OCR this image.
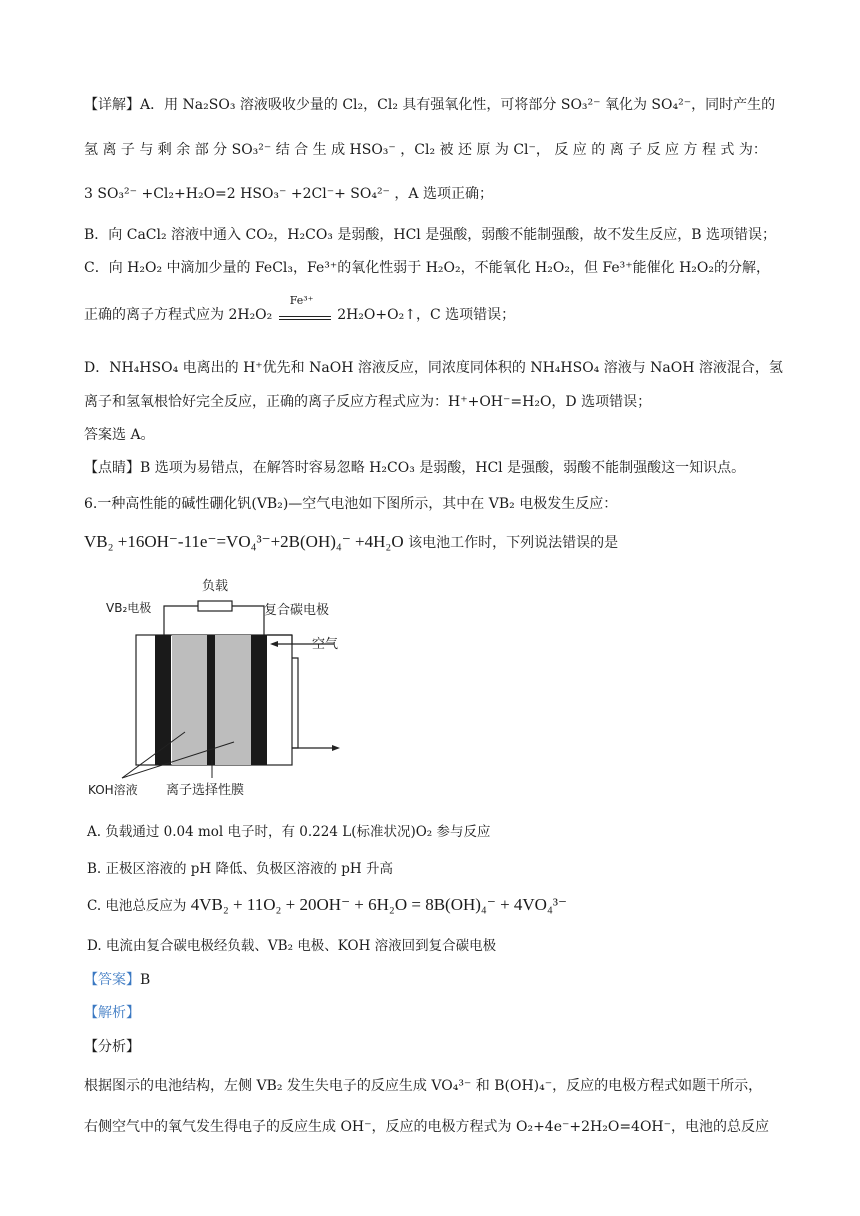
【详解】A．用 Na₂SO₃ 溶液吸收少量的 Cl₂，Cl₂ 具有强氧化性，可将部分 SO₃²⁻ 氧化为 SO₄²⁻，同时产生的
氢 离 子 与 剩 余 部 分 SO₃²⁻ 结 合 生 成 HSO₃⁻ ，Cl₂ 被 还 原 为 Cl⁻， 反 应 的 离 子 反 应 方 程 式 为：
3 SO₃²⁻ +Cl₂+H₂O=2 HSO₃⁻ +2Cl⁻+ SO₄²⁻ ，A 选项正确；
B．向 CaCl₂ 溶液中通入 CO₂，H₂CO₃ 是弱酸，HCl 是强酸，弱酸不能制强酸，故不发生反应，B 选项错误；
C．向 H₂O₂ 中滴加少量的 FeCl₃，Fe³⁺的氧化性弱于 H₂O₂，不能氧化 H₂O₂，但 Fe³⁺能催化 H₂O₂的分解，
正确的离子方程式应为 2H₂O₂
Fe³⁺
2H₂O+O₂↑，C 选项错误；
D．NH₄HSO₄ 电离出的 H⁺优先和 NaOH 溶液反应，同浓度同体积的 NH₄HSO₄ 溶液与 NaOH 溶液混合，氢
离子和氢氧根恰好完全反应，正确的离子反应方程式应为：H⁺+OH⁻=H₂O，D 选项错误；
答案选 A。
【点睛】B 选项为易错点，在解答时容易忽略 H₂CO₃ 是弱酸，HCl 是强酸，弱酸不能制强酸这一知识点。
6.一种高性能的碱性硼化钒(VB₂)—空气电池如下图所示，其中在 VB₂ 电极发生反应：
VB₂ +16OH⁻-11e⁻=VO₄³⁻+2B(OH)₄⁻ +4H₂O 该电池工作时，下列说法错误的是
负载
VB₂电极	复合碳电极
空气
KOH溶液 离子选择性膜
A. 负载通过 0.04 mol 电子时，有 0.224 L(标准状况)O₂ 参与反应
B. 正极区溶液的 pH 降低、负极区溶液的 pH 升高
C. 电池总反应为 4VB₂ + 11O₂ + 20OH⁻ + 6H₂O = 8B(OH)₄⁻ + 4VO₄³⁻
D. 电流由复合碳电极经负载、VB₂ 电极、KOH 溶液回到复合碳电极
【答案】B
【解析】
【分析】
根据图示的电池结构，左侧 VB₂ 发生失电子的反应生成 VO₄³⁻ 和 B(OH)₄⁻，反应的电极方程式如题干所示，
右侧空气中的氧气发生得电子的反应生成 OH⁻，反应的电极方程式为 O₂+4e⁻+2H₂O=4OH⁻，电池的总反应
